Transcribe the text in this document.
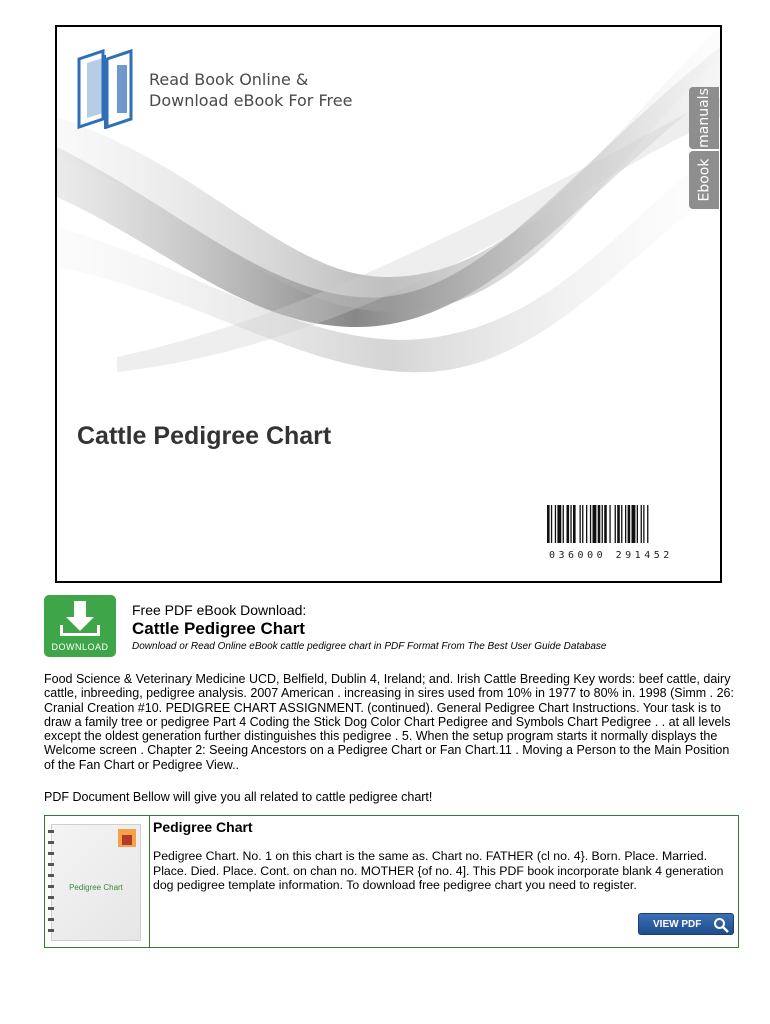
Read Book Online &
Download eBook For Free	manuals
Ebook
Cattle Pedigree Chart
036000 291452
DOWNLOAD
Free PDF eBook Download:
Cattle Pedigree Chart
Download or Read Online eBook cattle pedigree chart in PDF Format From The Best User Guide Database
Food Science & Veterinary Medicine UCD, Belfield, Dublin 4, Ireland; and. Irish Cattle Breeding Key words: beef cattle, dairy cattle, inbreeding, pedigree analysis. 2007 American . increasing in sires used from 10% in 1977 to 80% in. 1998 (Simm . 26: Cranial Creation #10. PEDIGREE CHART ASSIGNMENT. (continued). General Pedigree Chart Instructions. Your task is to draw a family tree or pedigree Part 4 Coding the Stick Dog Color Chart Pedigree and Symbols Chart Pedigree . . at all levels except the oldest generation further distinguishes this pedigree . 5. When the setup program starts it normally displays the Welcome screen . Chapter 2: Seeing Ancestors on a Pedigree Chart or Fan Chart.11 . Moving a Person to the Main Position of the Fan Chart or Pedigree View..
PDF Document Bellow will give you all related to cattle pedigree chart!
Pedigree Chart
Pedigree Chart
Pedigree Chart. No. 1 on this chart is the same as. Chart no. FATHER (cl no. 4}. Born. Place. Married. Place. Died. Place. Cont. on chan no. MOTHER {of no. 4]. This PDF book incorporate blank 4 generation dog pedigree template information. To download free pedigree chart you need to register.
VIEW PDF
